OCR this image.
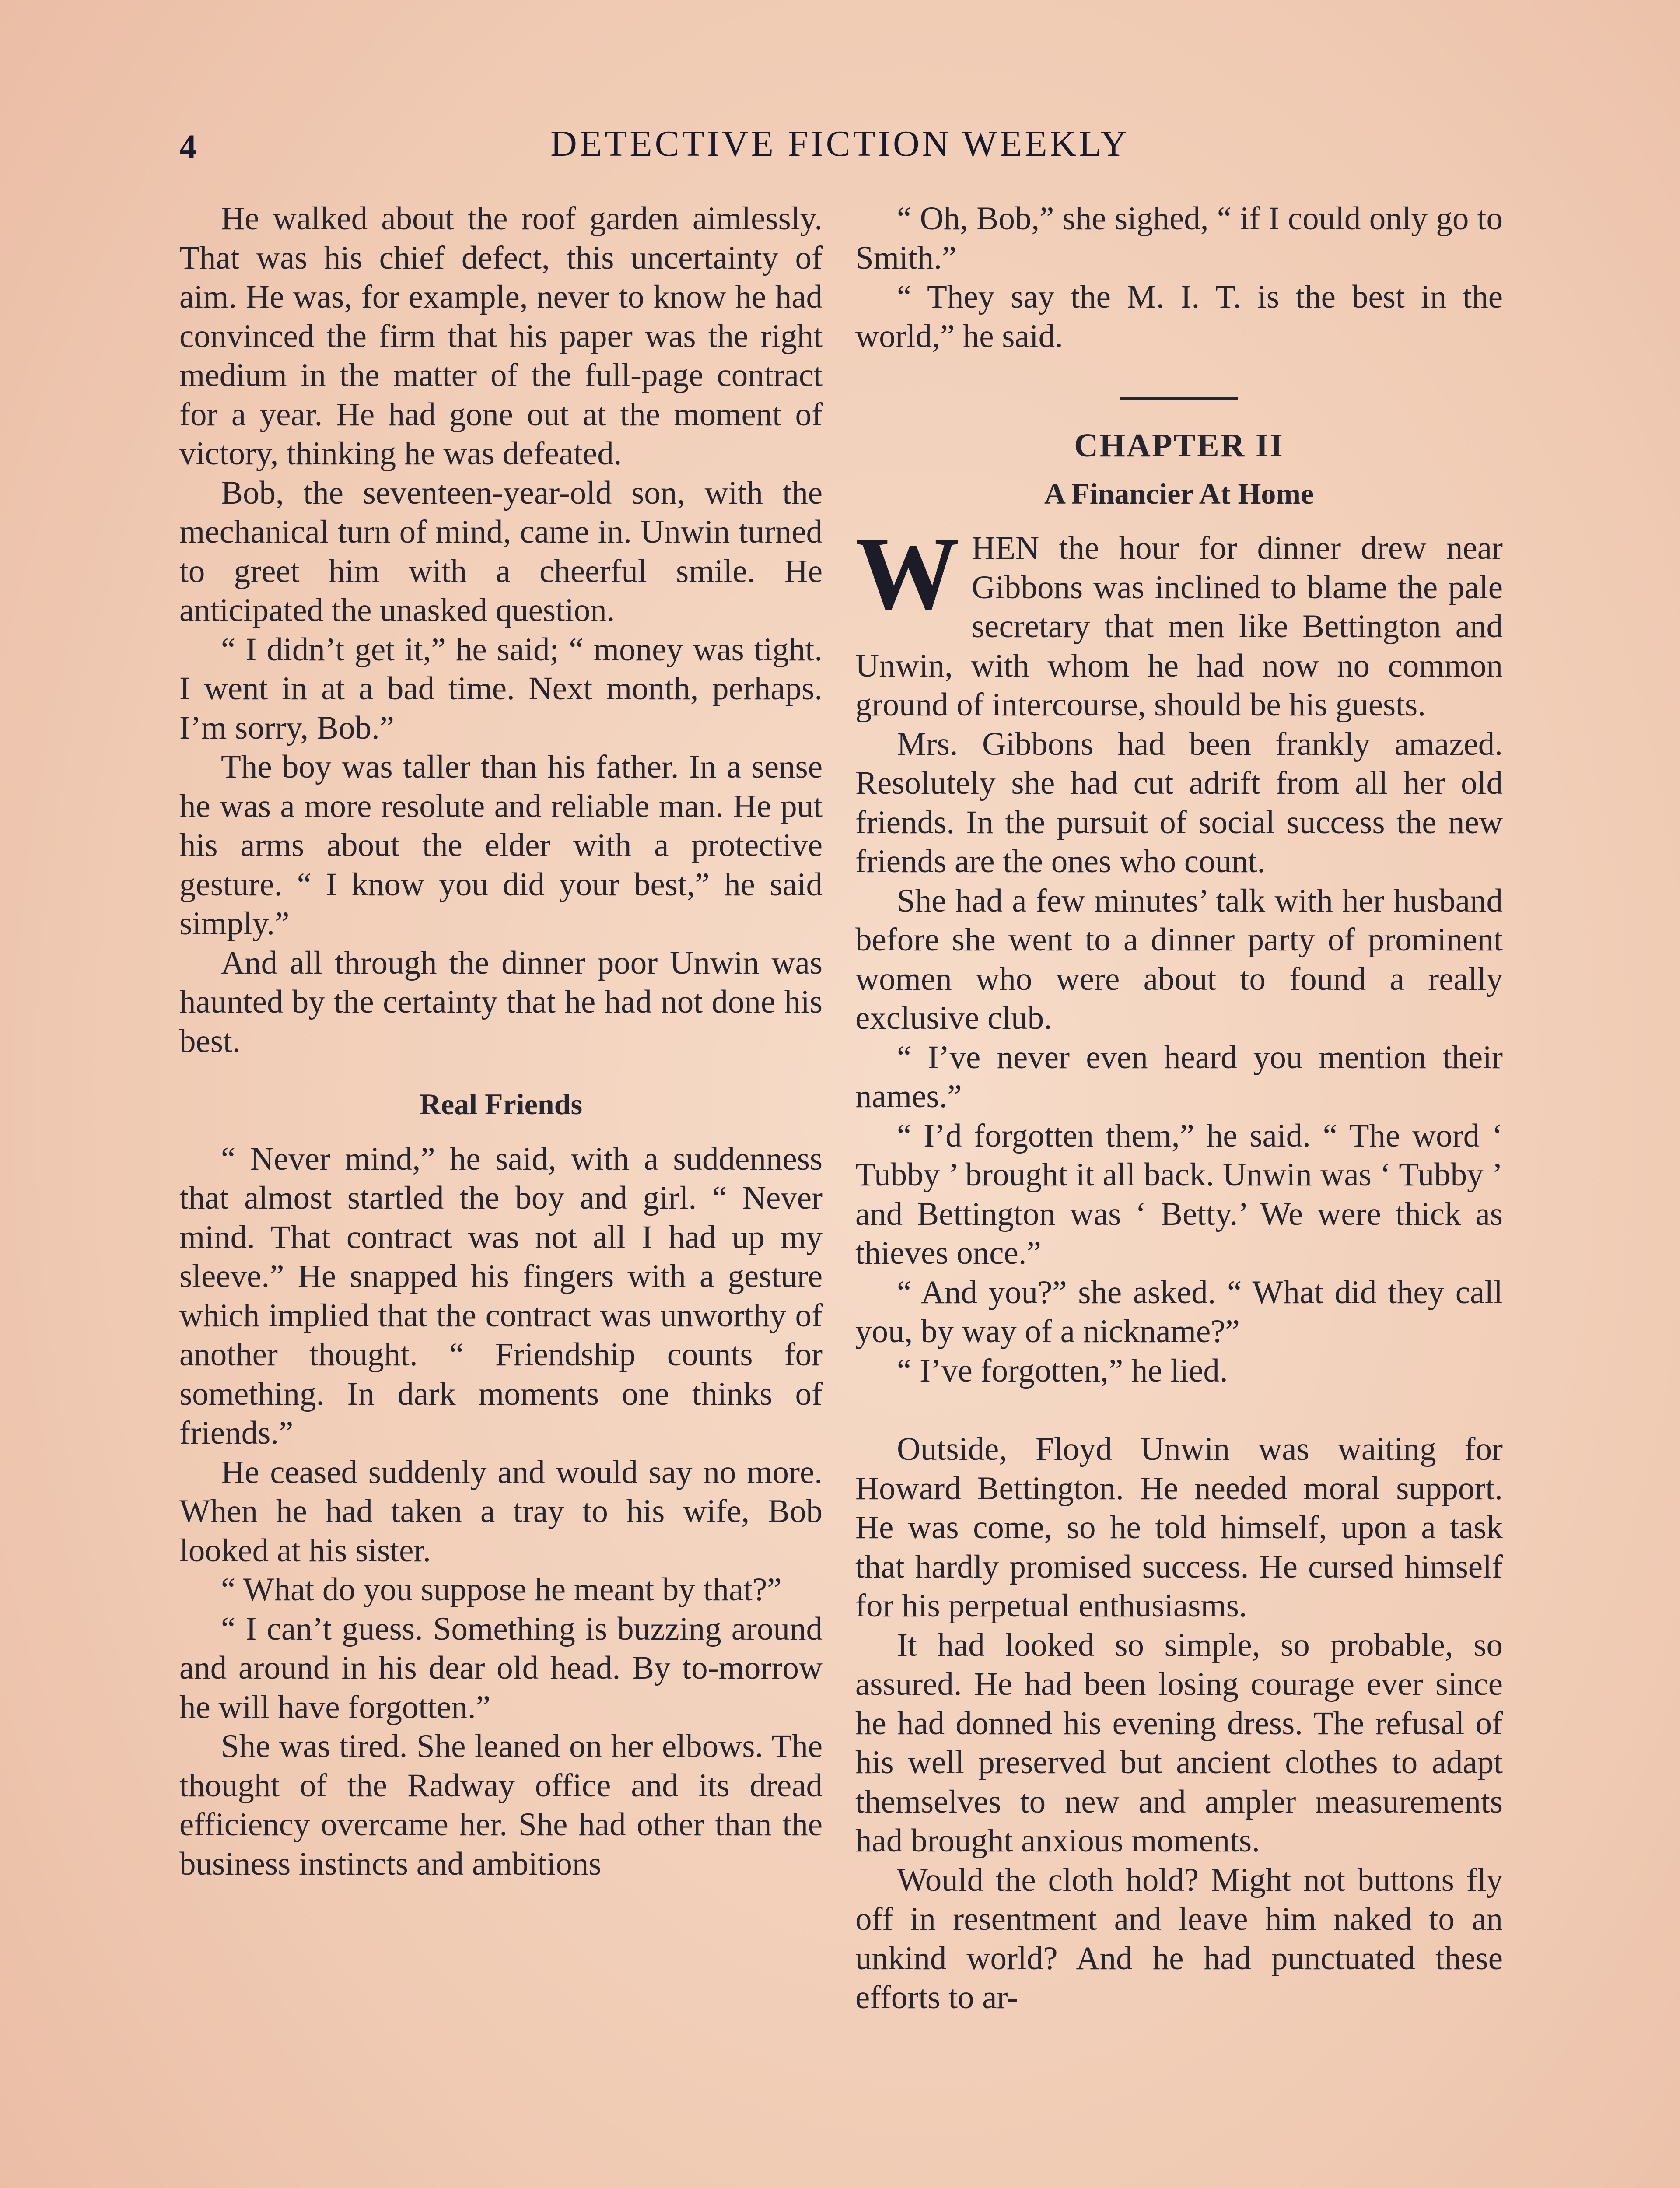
4	DETECTIVE FICTION WEEKLY

He walked about the roof garden aimlessly. That was his chief defect, this uncertainty of aim. He was, for example, never to know he had convinced the firm that his paper was the right medium in the matter of the full-page contract for a year. He had gone out at the moment of victory, thinking he was defeated.

Bob, the seventeen-year-old son, with the mechanical turn of mind, came in. Unwin turned to greet him with a cheerful smile. He anticipated the unasked question.

“ I didn’t get it,” he said; “ money was tight. I went in at a bad time. Next month, perhaps. I’m sorry, Bob.”

The boy was taller than his father. In a sense he was a more resolute and reliable man. He put his arms about the elder with a protective gesture. “ I know you did your best,” he said simply.”

And all through the dinner poor Unwin was haunted by the certainty that he had not done his best.

Real Friends

“ Never mind,” he said, with a suddenness that almost startled the boy and girl. “ Never mind. That contract was not all I had up my sleeve.” He snapped his fingers with a gesture which implied that the contract was unworthy of another thought. “ Friendship counts for something. In dark moments one thinks of friends.”

He ceased suddenly and would say no more. When he had taken a tray to his wife, Bob looked at his sister.

“ What do you suppose he meant by that?”

“ I can’t guess. Something is buzzing around and around in his dear old head. By to-morrow he will have forgotten.”

She was tired. She leaned on her elbows. The thought of the Radway office and its dread efficiency overcame her. She had other than the business instincts and ambitions

“ Oh, Bob,” she sighed, “ if I could only go to Smith.”

“ They say the M. I. T. is the best in the world,” he said.

CHAPTER II
A Financier At Home

WHEN the hour for dinner drew near Gibbons was inclined to blame the pale secretary that men like Bettington and Unwin, with whom he had now no common ground of intercourse, should be his guests.

Mrs. Gibbons had been frankly amazed. Resolutely she had cut adrift from all her old friends. In the pursuit of social success the new friends are the ones who count.

She had a few minutes’ talk with her husband before she went to a dinner party of prominent women who were about to found a really exclusive club.

“ I’ve never even heard you mention their names.”

“ I’d forgotten them,” he said. “ The word ‘ Tubby ’ brought it all back. Unwin was ‘ Tubby ’ and Bettington was ‘ Betty.’ We were thick as thieves once.”

“ And you?” she asked. “ What did they call you, by way of a nickname?”

“ I’ve forgotten,” he lied.

Outside, Floyd Unwin was waiting for Howard Bettington. He needed moral support. He was come, so he told himself, upon a task that hardly promised success. He cursed himself for his perpetual enthusiasms.

It had looked so simple, so probable, so assured. He had been losing courage ever since he had donned his evening dress. The refusal of his well preserved but ancient clothes to adapt themselves to new and ampler measurements had brought anxious moments.

Would the cloth hold? Might not buttons fly off in resentment and leave him naked to an unkind world? And he had punctuated these efforts to ar-
